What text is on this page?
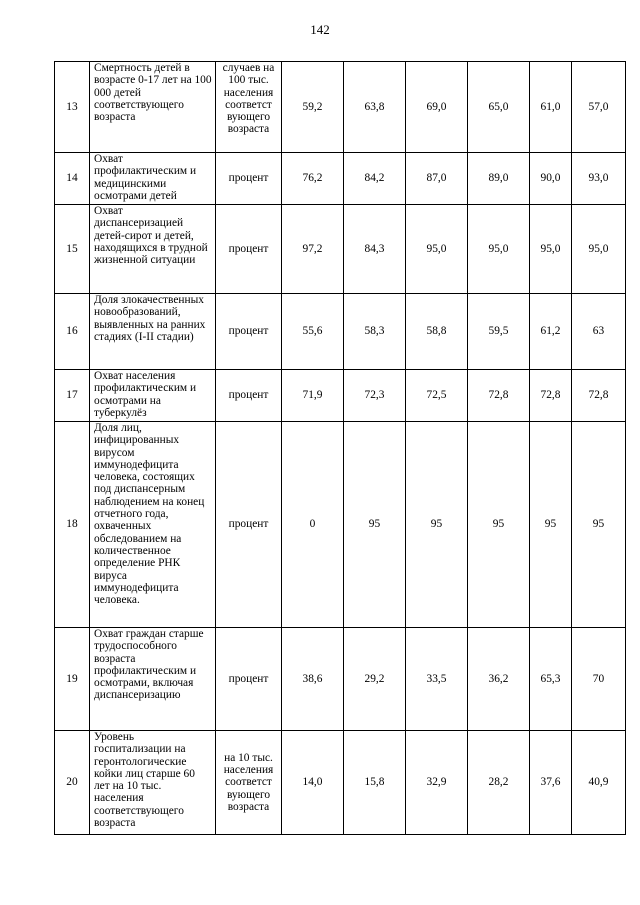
142
13	Смертность детей в возрасте 0-17 лет на 100 000 детей соответствующего возраста	случаев на 100 тыс. населения соответст вующего возраста	59,2	63,8	69,0	65,0	61,0	57,0
14	Охват профилактическим и медицинскими осмотрами детей	процент	76,2	84,2	87,0	89,0	90,0	93,0
15	Охват диспансеризацией детей-сирот и детей, находящихся в трудной жизненной ситуации	процент	97,2	84,3	95,0	95,0	95,0	95,0
16	Доля злокачественных новообразований, выявленных на ранних стадиях (I-II стадии)	процент	55,6	58,3	58,8	59,5	61,2	63
17	Охват населения профилактическим и осмотрами на туберкулёз	процент	71,9	72,3	72,5	72,8	72,8	72,8
18	Доля лиц, инфицированных вирусом иммунодефицита человека, состоящих под диспансерным наблюдением на конец отчетного года, охваченных обследованием на количественное определение РНК вируса иммунодефицита человека.	процент	0	95	95	95	95	95
19	Охват граждан старше трудоспособного возраста профилактическим и осмотрами, включая диспансеризацию	процент	38,6	29,2	33,5	36,2	65,3	70
20	Уровень госпитализации на геронтологические койки лиц старше 60 лет на 10 тыс. населения соответствующего возраста	на 10 тыс. населения соответст вующего возраста	14,0	15,8	32,9	28,2	37,6	40,9
